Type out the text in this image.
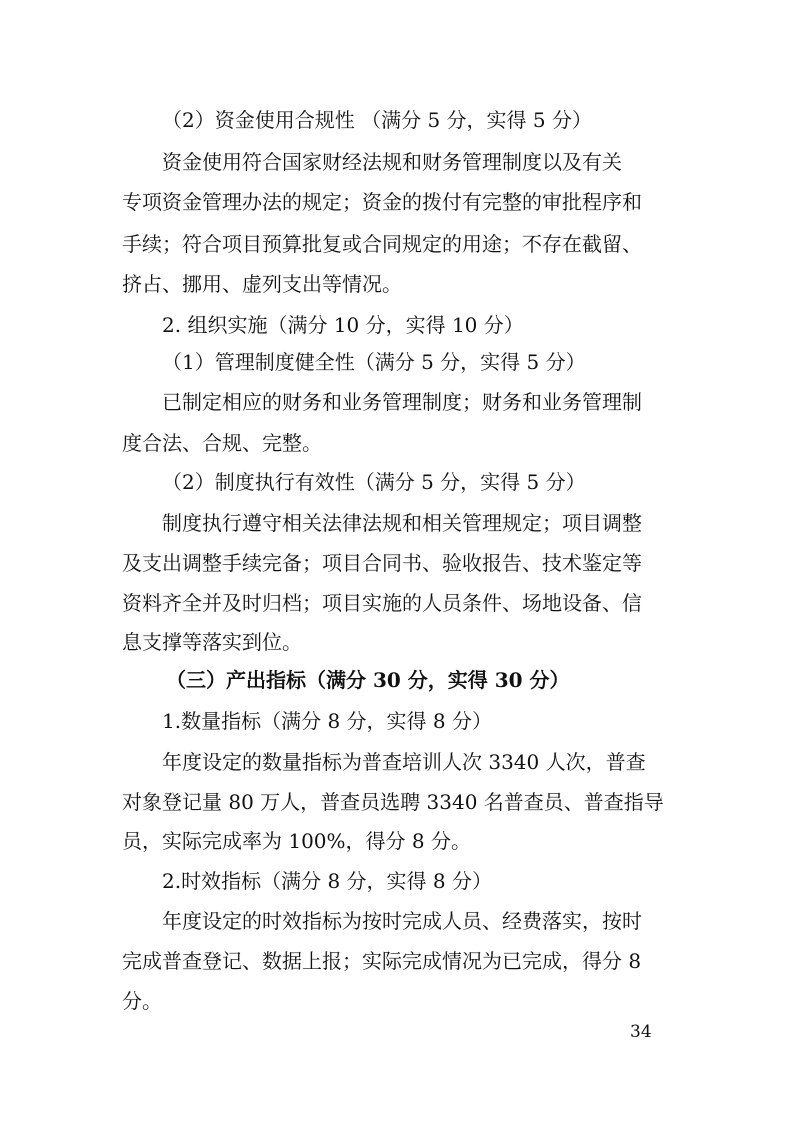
（2）资金使用合规性 （满分 5 分，实得 5 分）
资金使用符合国家财经法规和财务管理制度以及有关
专项资金管理办法的规定；资金的拨付有完整的审批程序和
手续；符合项目预算批复或合同规定的用途；不存在截留、
挤占、挪用、虚列支出等情况。
2. 组织实施（满分 10 分，实得 10 分）
（1）管理制度健全性（满分 5 分，实得 5 分）
已制定相应的财务和业务管理制度；财务和业务管理制
度合法、合规、完整。
（2）制度执行有效性（满分 5 分，实得 5 分）
制度执行遵守相关法律法规和相关管理规定；项目调整
及支出调整手续完备；项目合同书、验收报告、技术鉴定等
资料齐全并及时归档；项目实施的人员条件、场地设备、信
息支撑等落实到位。
（三）产出指标（满分 30 分，实得 30 分）
1.数量指标（满分 8 分，实得 8 分）
年度设定的数量指标为普查培训人次 3340 人次，普查
对象登记量 80 万人，普查员选聘 3340 名普查员、普查指导
员，实际完成率为 100%，得分 8 分。
2.时效指标（满分 8 分，实得 8 分）
年度设定的时效指标为按时完成人员、经费落实，按时
完成普查登记、数据上报；实际完成情况为已完成，得分 8
分。
34
